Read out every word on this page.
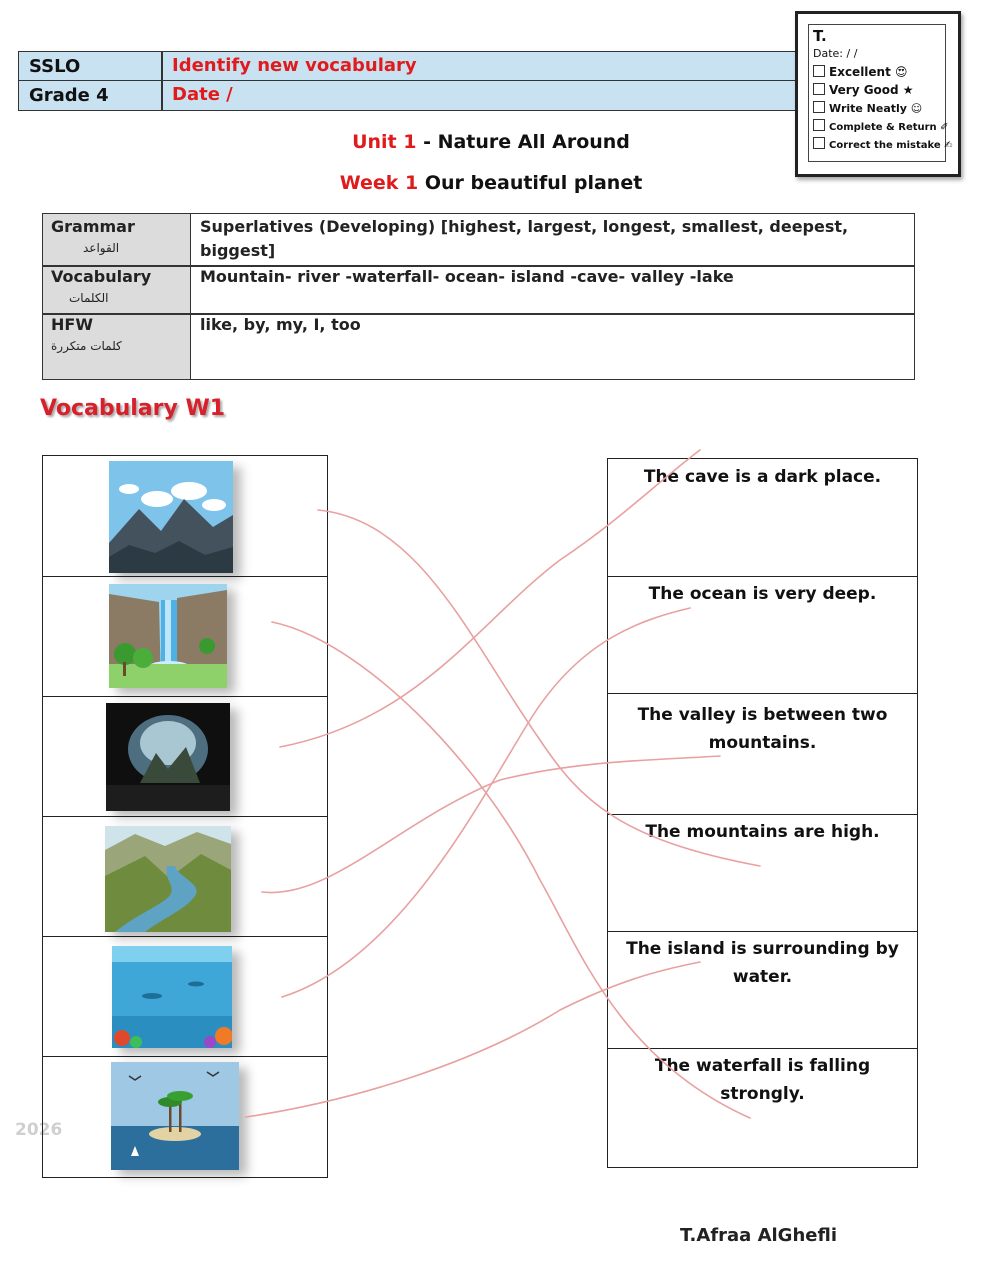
SSLO	Identify new vocabulary
Grade 4	Date /
T.
Date: / /
Excellent 😍
Very Good ★
Write Neatly ☺
Complete & Return ✐
Correct the mistake ✍
Unit 1 - Nature All Around
Week 1 Our beautiful planet
Grammar
القواعد
Superlatives (Developing) [highest, largest, longest, smallest, deepest, biggest]
Vocabulary
الكلمات
Mountain- river -waterfall- ocean- island -cave- valley -lake
HFW
كلمات متكررة
like, by, my, I, too
Vocabulary W1
2026
The cave is a dark place.
The ocean is very deep.
The valley is between two mountains.
The mountains are high.
The island is surrounding by water.
The waterfall is falling strongly.
T.Afraa AlGhefli
